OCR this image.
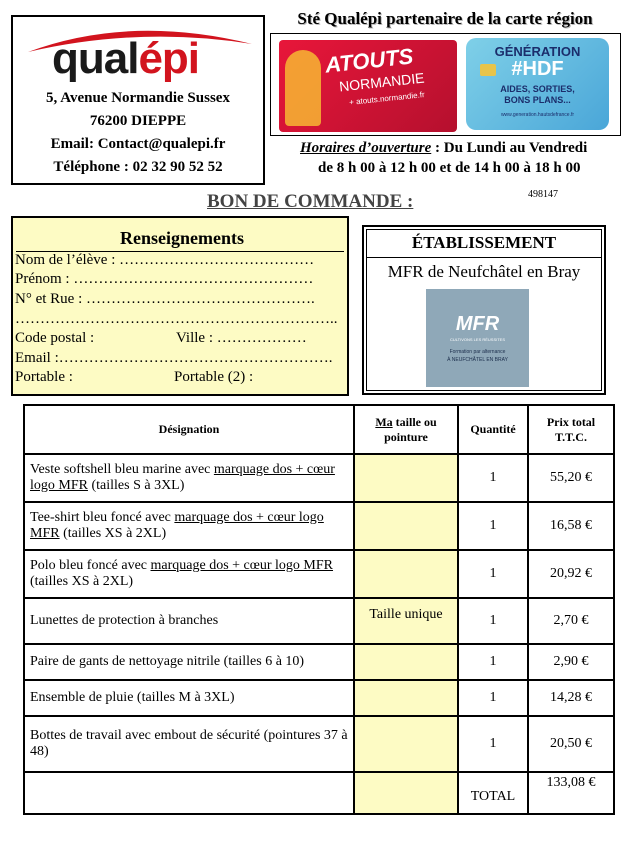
qualépi
5, Avenue Normandie Sussex
76200 DIEPPE
Email: Contact@qualepi.fr
Téléphone : 02 32 90 52 52
Sté Qualépi partenaire de la carte région
ATOUTS
NORMANDIE
+ atouts.normandie.fr
GÉNÉRATION
#HDF
AIDES, SORTIES,
BONS PLANS...
www.generation.hautsdefrance.fr
Horaires d’ouverture : Du Lundi au Vendredi
de 8 h 00 à 12 h 00 et de 14 h 00 à 18 h 00
BON DE COMMANDE :	498147
Renseignements
Nom de l’élève : …………………………………
Prénom : …………………………………………
N° et Rue : ……………………………………….
………………………………………………………..
Code postal :	Ville : ………………
Email :……………………………………………….
Portable :	Portable (2) :
ÉTABLISSEMENT
MFR de Neufchâtel en Bray
MFR
CULTIVONS LES RÉUSSITES
Formation par alternance
À NEUFCHÂTEL EN BRAY
Désignation	Ma taille ou pointure	Quantité	Prix total T.T.C.
Veste softshell bleu marine avec marquage dos + cœur logo MFR (tailles S à 3XL)		1	55,20 €
Tee-shirt bleu foncé avec marquage dos + cœur logo MFR (tailles XS à 2XL)		1	16,58 €
Polo bleu foncé avec marquage dos + cœur logo MFR (tailles XS à 2XL)		1	20,92 €
Lunettes de protection à branches	Taille unique	1	2,70 €
Paire de gants de nettoyage nitrile (tailles 6 à 10)		1	2,90 €
Ensemble de pluie (tailles M à 3XL)		1	14,28 €
Bottes de travail avec embout de sécurité (pointures 37 à 48)		1	20,50 €
		TOTAL	133,08 €
